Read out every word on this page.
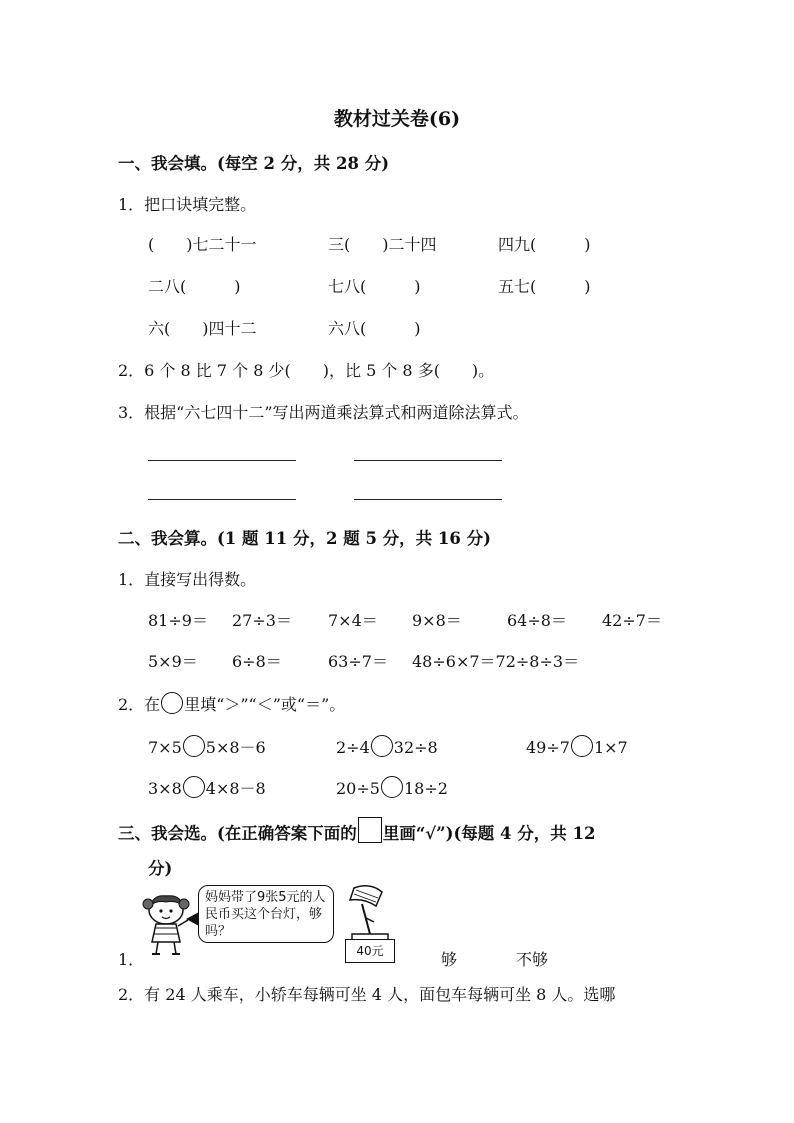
教材过关卷(6)
一、我会填。(每空 2 分，共 28 分)
1．把口诀填完整。
(　　)七二十一	三(　　)二十四	四九(　　　)
二八(　　　)	七八(　　　)	五七(　　　)
六(　　)四十二	六八(　　　)
2．6 个 8 比 7 个 8 少(　　)，比 5 个 8 多(　　)。
3．根据“六七四十二”写出两道乘法算式和两道除法算式。
二、我会算。(1 题 11 分，2 题 5 分，共 16 分)
1．直接写出得数。
81÷9＝ 27÷3＝ 7×4＝ 9×8＝	64÷8＝ 42÷7＝
5×9＝ 6÷8＝	63÷7＝ 48÷6×7＝72÷8÷3＝
2．在 里填“＞”“＜”或“＝”。
7×5 5×8－6	2÷4 32÷8	49÷7 1×7
3×8 4×8－8	20÷5 18÷2
三、我会选。(在正确答案下面的 里画“√”)(每题 4 分，共 12
分)
妈妈带了9张5元的人民币买这个台灯，够吗？
40元
1．	够	不够
2．有 24 人乘车，小轿车每辆可坐 4 人，面包车每辆可坐 8 人。选哪
